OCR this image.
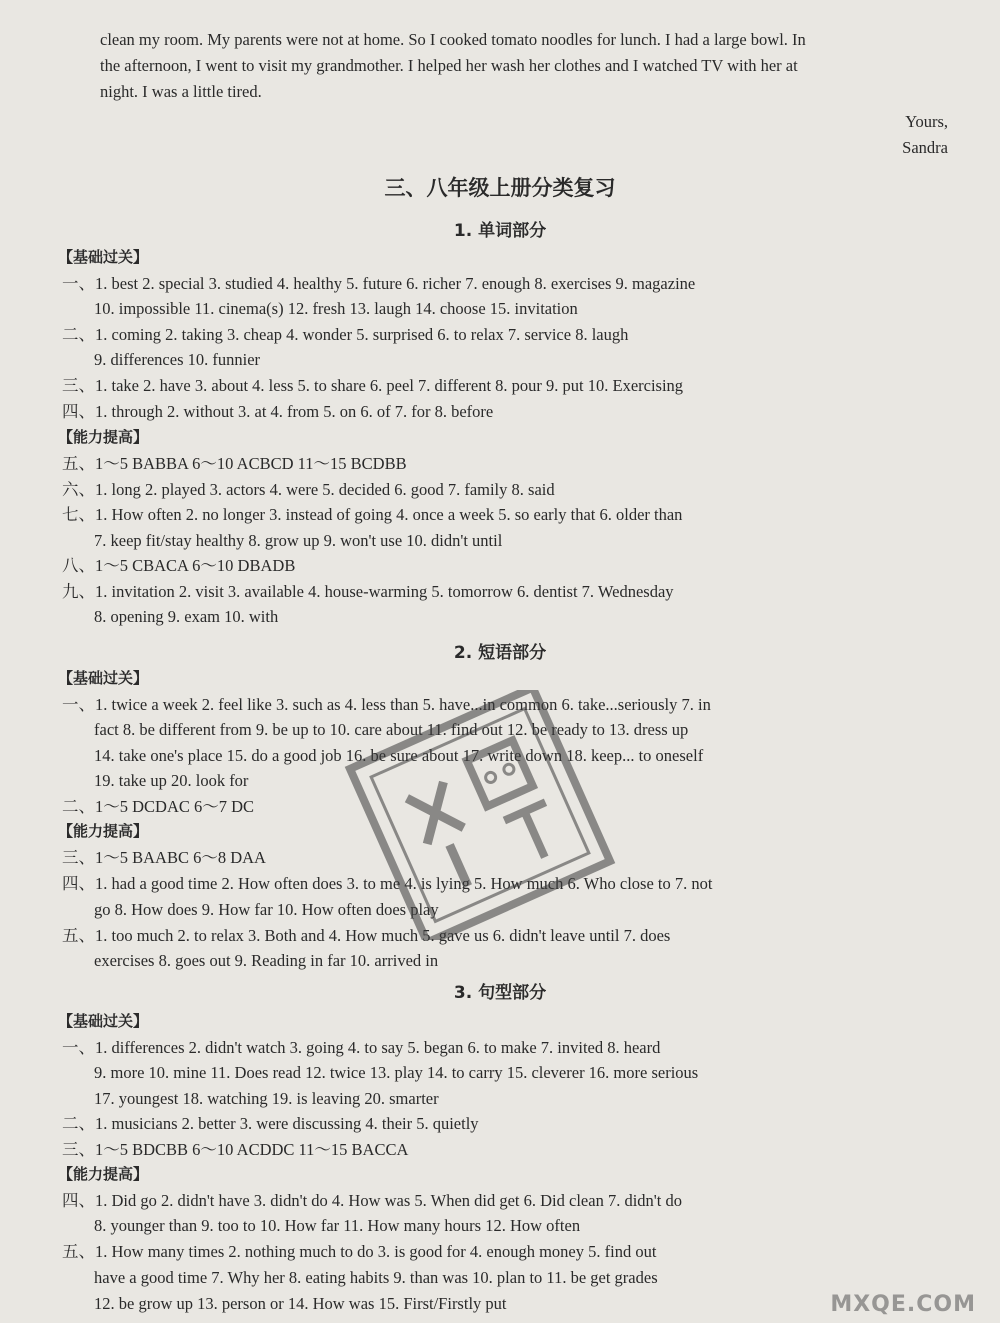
clean my room. My parents were not at home. So I cooked tomato noodles for lunch. I had a large bowl. In
the afternoon, I went to visit my grandmother. I helped her wash her clothes and I watched TV with her at
night. I was a little tired.
Yours,
Sandra
三、八年级上册分类复习
1. 单词部分
【基础过关】
一、1. best 2. special 3. studied 4. healthy 5. future 6. richer 7. enough 8. exercises 9. magazine
10. impossible 11. cinema(s) 12. fresh 13. laugh 14. choose 15. invitation
二、1. coming 2. taking 3. cheap 4. wonder 5. surprised 6. to relax 7. service 8. laugh
9. differences 10. funnier
三、1. take 2. have 3. about 4. less 5. to share 6. peel 7. different 8. pour 9. put 10. Exercising
四、1. through 2. without 3. at 4. from 5. on 6. of 7. for 8. before
【能力提高】
五、1～5 BABBA 6～10 ACBCD 11～15 BCDBB
六、1. long 2. played 3. actors 4. were 5. decided 6. good 7. family 8. said
七、1. How often 2. no longer 3. instead of going 4. once a week 5. so early that 6. older than
7. keep fit/stay healthy 8. grow up 9. won't use 10. didn't until
八、1～5 CBACA 6～10 DBADB
九、1. invitation 2. visit 3. available 4. house-warming 5. tomorrow 6. dentist 7. Wednesday
8. opening 9. exam 10. with
2. 短语部分
【基础过关】
一、1. twice a week 2. feel like 3. such as 4. less than 5. have...in common 6. take...seriously 7. in
fact 8. be different from 9. be up to 10. care about 11. find out 12. be ready to 13. dress up
14. take one's place 15. do a good job 16. be sure about 17. write down 18. keep... to oneself
19. take up 20. look for
二、1～5 DCDAC 6～7 DC
【能力提高】
三、1～5 BAABC 6～8 DAA
四、1. had a good time 2. How often does 3. to me 4. is lying 5. How much 6. Who close to 7. not
go 8. How does 9. How far 10. How often does play
五、1. too much 2. to relax 3. Both and 4. How much 5. gave us 6. didn't leave until 7. does
exercises 8. goes out 9. Reading in far 10. arrived in
3. 句型部分
【基础过关】
一、1. differences 2. didn't watch 3. going 4. to say 5. began 6. to make 7. invited 8. heard
9. more 10. mine 11. Does read 12. twice 13. play 14. to carry 15. cleverer 16. more serious
17. youngest 18. watching 19. is leaving 20. smarter
二、1. musicians 2. better 3. were discussing 4. their 5. quietly
三、1～5 BDCBB 6～10 ACDDC 11～15 BACCA
【能力提高】
四、1. Did go 2. didn't have 3. didn't do 4. How was 5. When did get 6. Did clean 7. didn't do
8. younger than 9. too to 10. How far 11. How many hours 12. How often
五、1. How many times 2. nothing much to do 3. is good for 4. enough money 5. find out
have a good time 7. Why her 8. eating habits 9. than was 10. plan to 11. be get grades
12. be grow up 13. person or 14. How was 15. First/Firstly put	MXQE.COM
